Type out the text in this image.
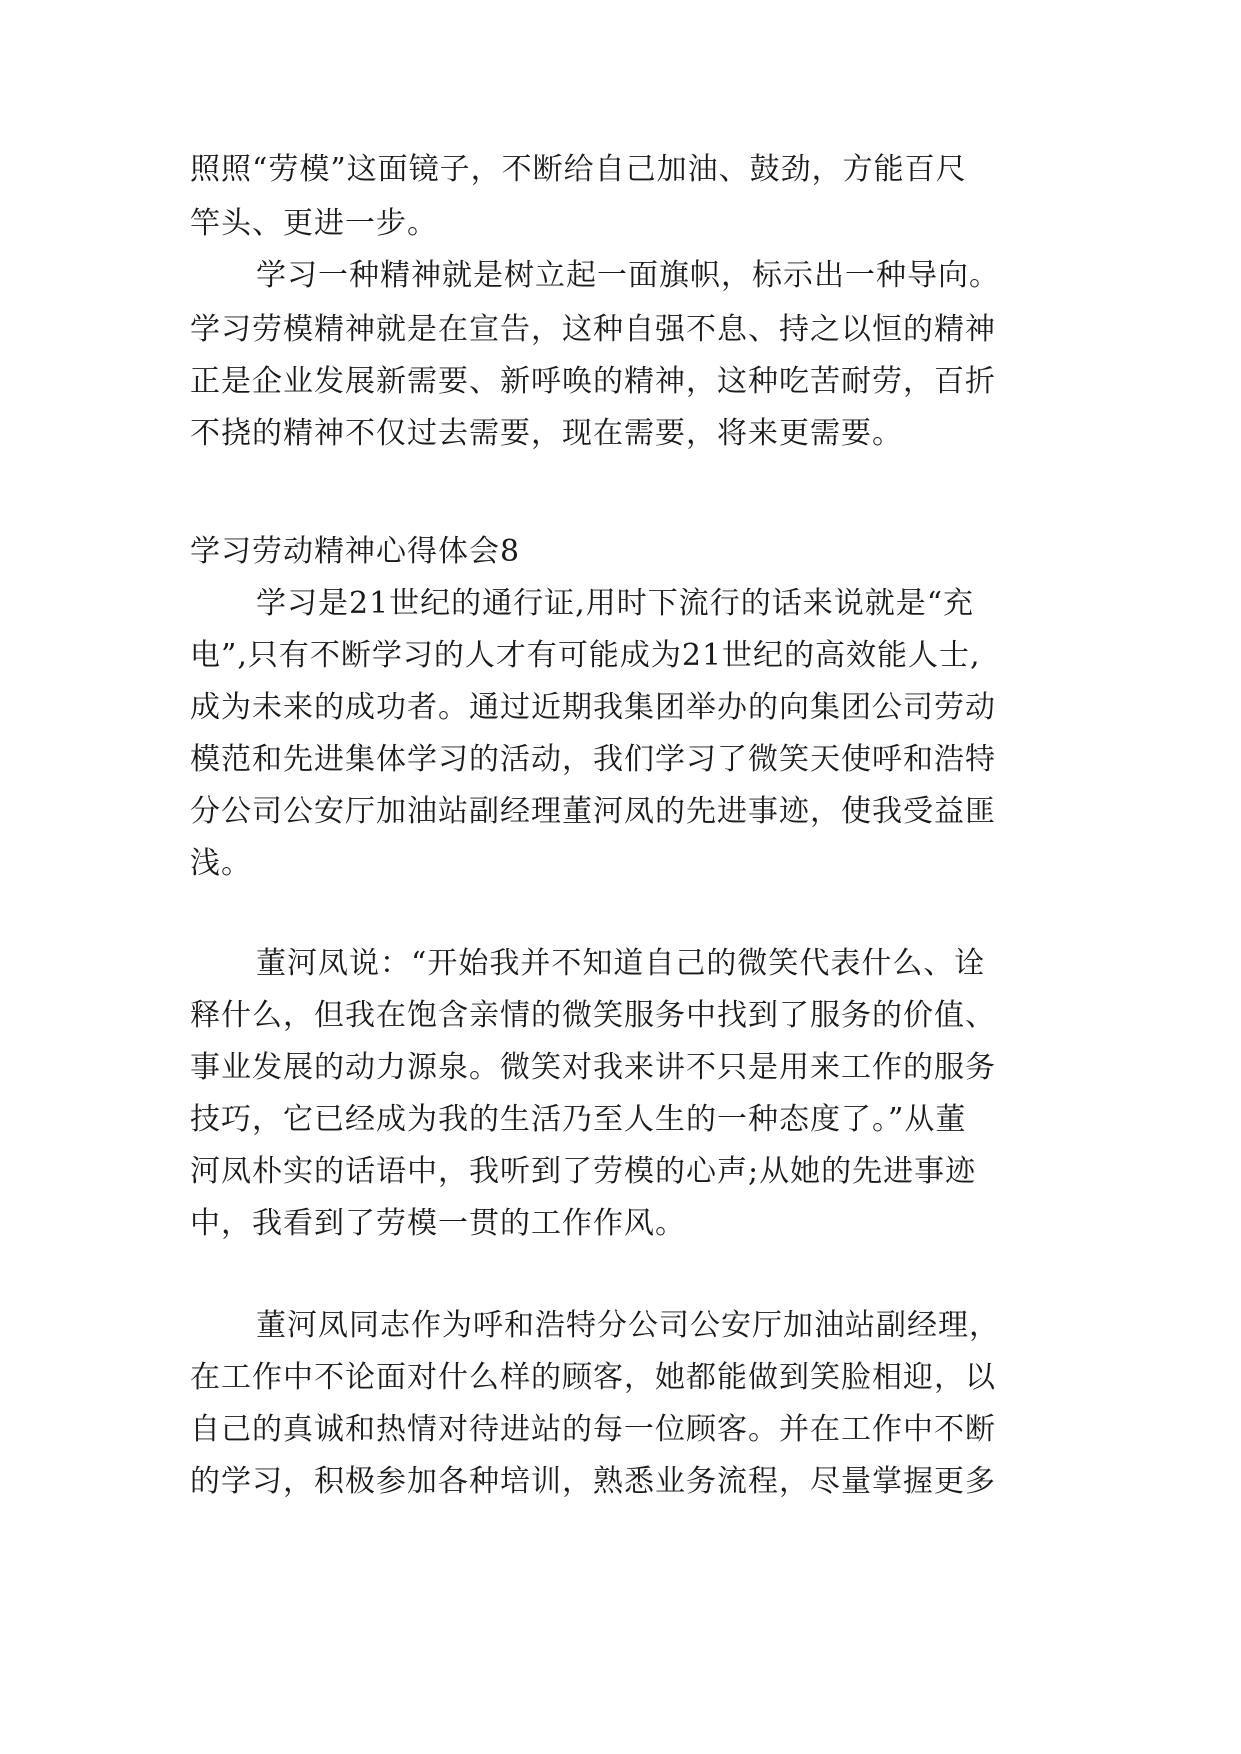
照照“劳模”这面镜子，不断给自己加油、鼓劲，方能百尺
竿头、更进一步。
学习一种精神就是树立起一面旗帜，标示出一种导向。
学习劳模精神就是在宣告，这种自强不息、持之以恒的精神
正是企业发展新需要、新呼唤的精神，这种吃苦耐劳，百折
不挠的精神不仅过去需要，现在需要，将来更需要。
学习劳动精神心得体会8
学习是21世纪的通行证,用时下流行的话来说就是“充
电”,只有不断学习的人才有可能成为21世纪的高效能人士,
成为未来的成功者。通过近期我集团举办的向集团公司劳动
模范和先进集体学习的活动，我们学习了微笑天使呼和浩特
分公司公安厅加油站副经理董河凤的先进事迹，使我受益匪
浅。
董河凤说：“开始我并不知道自己的微笑代表什么、诠
释什么，但我在饱含亲情的微笑服务中找到了服务的价值、
事业发展的动力源泉。微笑对我来讲不只是用来工作的服务
技巧，它已经成为我的生活乃至人生的一种态度了。”从董
河凤朴实的话语中，我听到了劳模的心声;从她的先进事迹
中，我看到了劳模一贯的工作作风。
董河凤同志作为呼和浩特分公司公安厅加油站副经理，
在工作中不论面对什么样的顾客，她都能做到笑脸相迎，以
自己的真诚和热情对待进站的每一位顾客。并在工作中不断
的学习，积极参加各种培训，熟悉业务流程，尽量掌握更多
